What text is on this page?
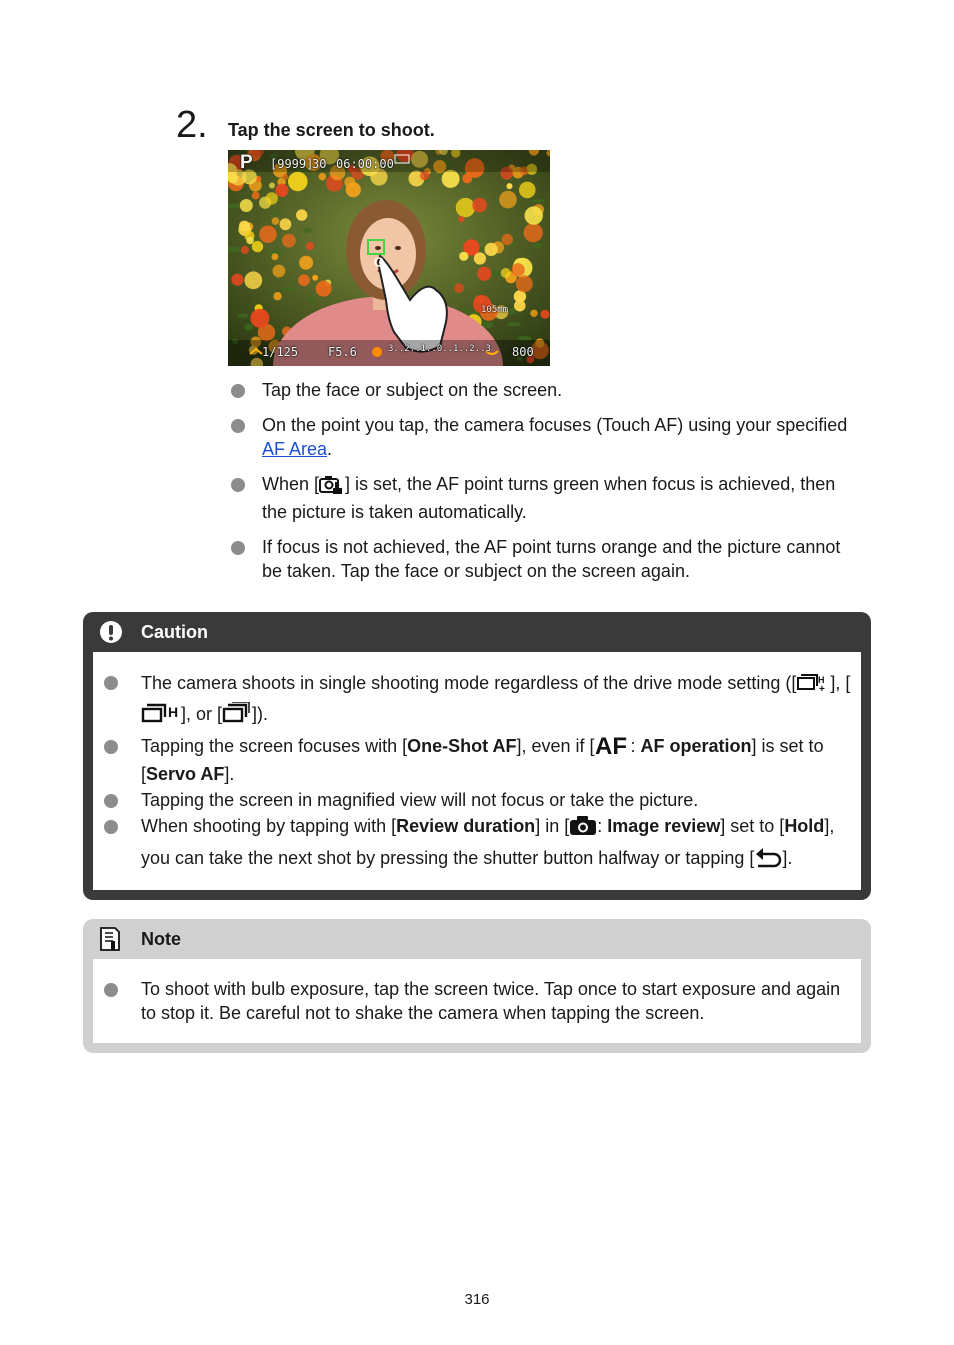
2. Tap the screen to shoot.
P [9999]
30 06:00:00
105mm
1/125 F5.6	3..2..1..0..1..2..3 800
Tap the face or subject on the screen.
On the point you tap, the camera focuses (Touch AF) using your specified AF Area.
When [ ] is set, the AF point turns green when focus is achieved, then the picture is taken automatically.
If focus is not achieved, the AF point turns orange and the picture cannot be taken. Tap the face or subject on the screen again.
Caution
The camera shoots in single shooting mode regardless of the drive mode setting ([ H
+ ], [
H ], or [ ]).
Tapping the screen focuses with [One-Shot AF], even if [ AF : AF operation] is set to [Servo AF].
Tapping the screen in magnified view will not focus or take the picture.
When shooting by tapping with [Review duration] in [ : Image review] set to [Hold], you can take the next shot by pressing the shutter button halfway or tapping [ ].
Note
To shoot with bulb exposure, tap the screen twice. Tap once to start exposure and again to stop it. Be careful not to shake the camera when tapping the screen.
316
